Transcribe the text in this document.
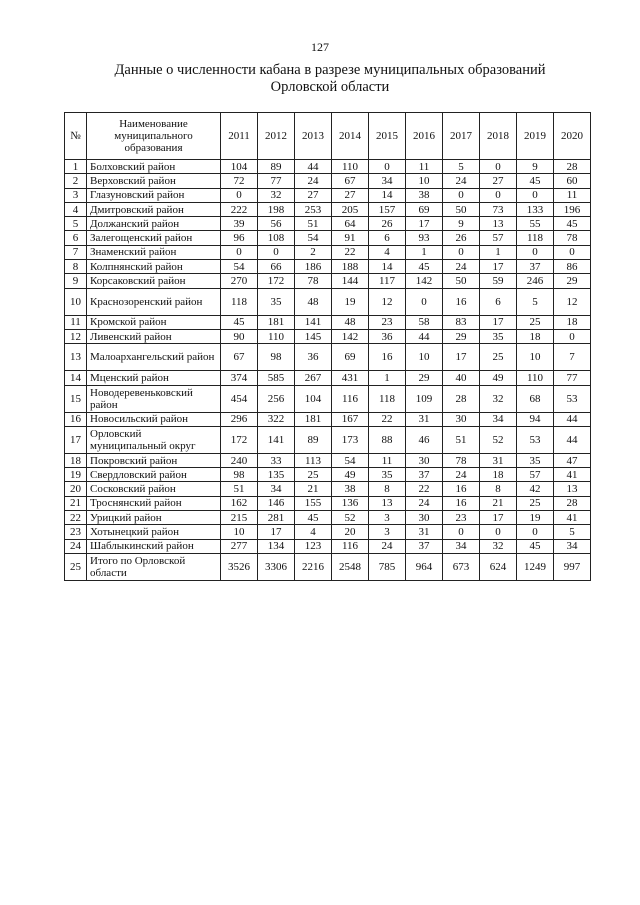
127
Данные о численности кабана в разрезе муниципальных образований
Орловской области
№	Наименование муниципального образования	2011	2012	2013	2014	2015	2016	2017	2018	2019	2020
1	Болховский район	104	89	44	110	0	11	5	0	9	28
2	Верховский район	72	77	24	67	34	10	24	27	45	60
3	Глазуновский район	0	32	27	27	14	38	0	0	0	11
4	Дмитровский район	222	198	253	205	157	69	50	73	133	196
5	Должанский район	39	56	51	64	26	17	9	13	55	45
6	Залегощенский район	96	108	54	91	6	93	26	57	118	78
7	Знаменский район	0	0	2	22	4	1	0	1	0	0
8	Колпнянский район	54	66	186	188	14	45	24	17	37	86
9	Корсаковский район	270	172	78	144	117	142	50	59	246	29
10	Краснозоренский район	118	35	48	19	12	0	16	6	5	12
11	Кромской район	45	181	141	48	23	58	83	17	25	18
12	Ливенский район	90	110	145	142	36	44	29	35	18	0
13	Малоархангельский район	67	98	36	69	16	10	17	25	10	7
14	Мценский район	374	585	267	431	1	29	40	49	110	77
15	Новодеревеньковский район	454	256	104	116	118	109	28	32	68	53
16	Новосильский район	296	322	181	167	22	31	30	34	94	44
17	Орловский муниципальный округ	172	141	89	173	88	46	51	52	53	44
18	Покровский район	240	33	113	54	11	30	78	31	35	47
19	Свердловский район	98	135	25	49	35	37	24	18	57	41
20	Сосковский район	51	34	21	38	8	22	16	8	42	13
21	Троснянский район	162	146	155	136	13	24	16	21	25	28
22	Урицкий район	215	281	45	52	3	30	23	17	19	41
23	Хотынецкий район	10	17	4	20	3	31	0	0	0	5
24	Шаблыкинский район	277	134	123	116	24	37	34	32	45	34
25	Итого по Орловской области	3526	3306	2216	2548	785	964	673	624	1249	997
